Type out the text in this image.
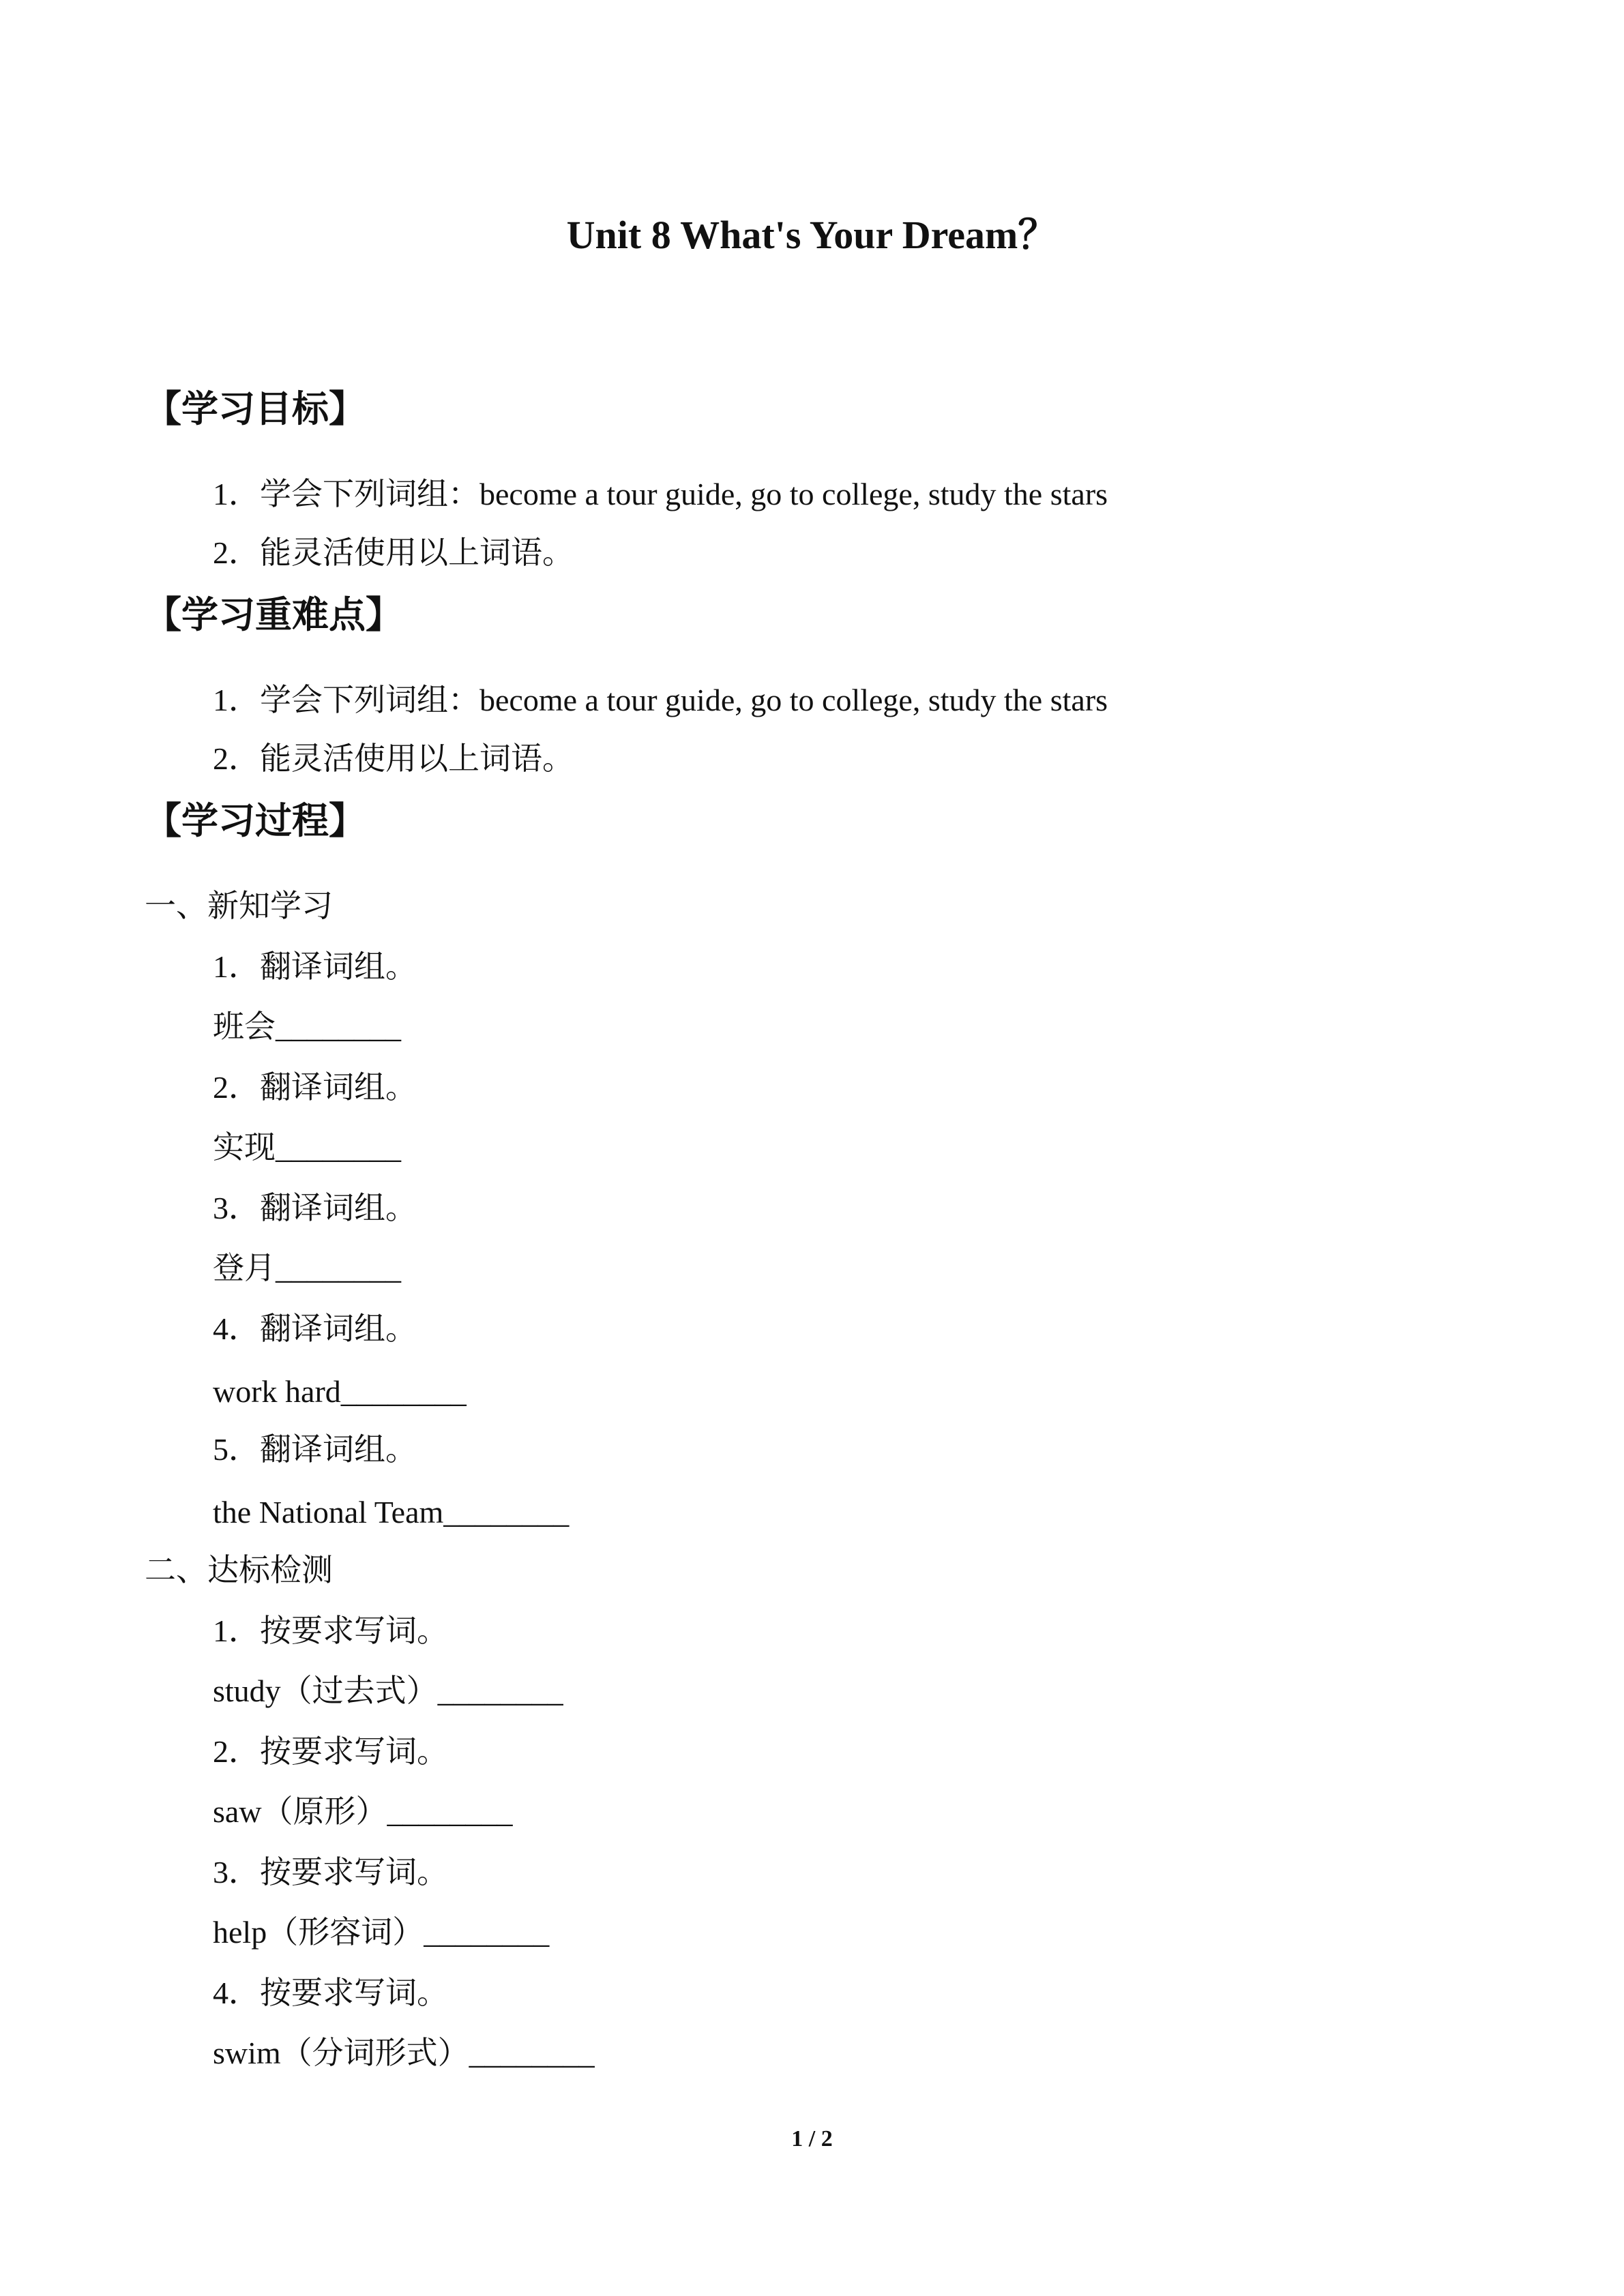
Unit 8 What's Your Dream？
【学习目标】
1．学会下列词组：become a tour guide, go to college, study the stars
2．能灵活使用以上词语。
【学习重难点】
1．学会下列词组：become a tour guide, go to college, study the stars
2．能灵活使用以上词语。
【学习过程】
一、新知学习
1．翻译词组。
班会________
2．翻译词组。
实现________
3．翻译词组。
登月________
4．翻译词组。
work hard________
5．翻译词组。
the National Team________
二、达标检测
1．按要求写词。
study（过去式）________
2．按要求写词。
saw（原形）________
3．按要求写词。
help（形容词）________
4．按要求写词。
swim（分词形式）________
1 / 2
